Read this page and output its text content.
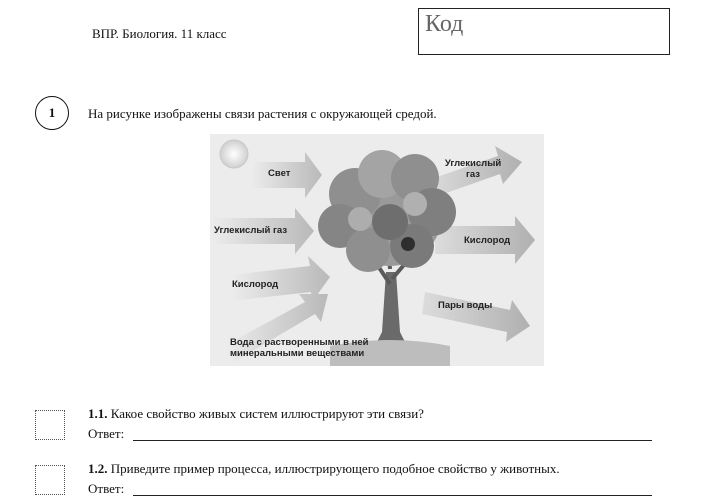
ВПР. Биология. 11 класс	Код
1	На рисунке изображены связи растения с окружающей средой.
Свет
Углекислый газ
Кислород
Углекислый газ
Кислород
Пары воды
Вода с растворенными в ней минеральными веществами
1.1. Какое свойство живых систем иллюстрируют эти связи?
Ответ:
1.2. Приведите пример процесса, иллюстрирующего подобное свойство у животных.
Ответ:
